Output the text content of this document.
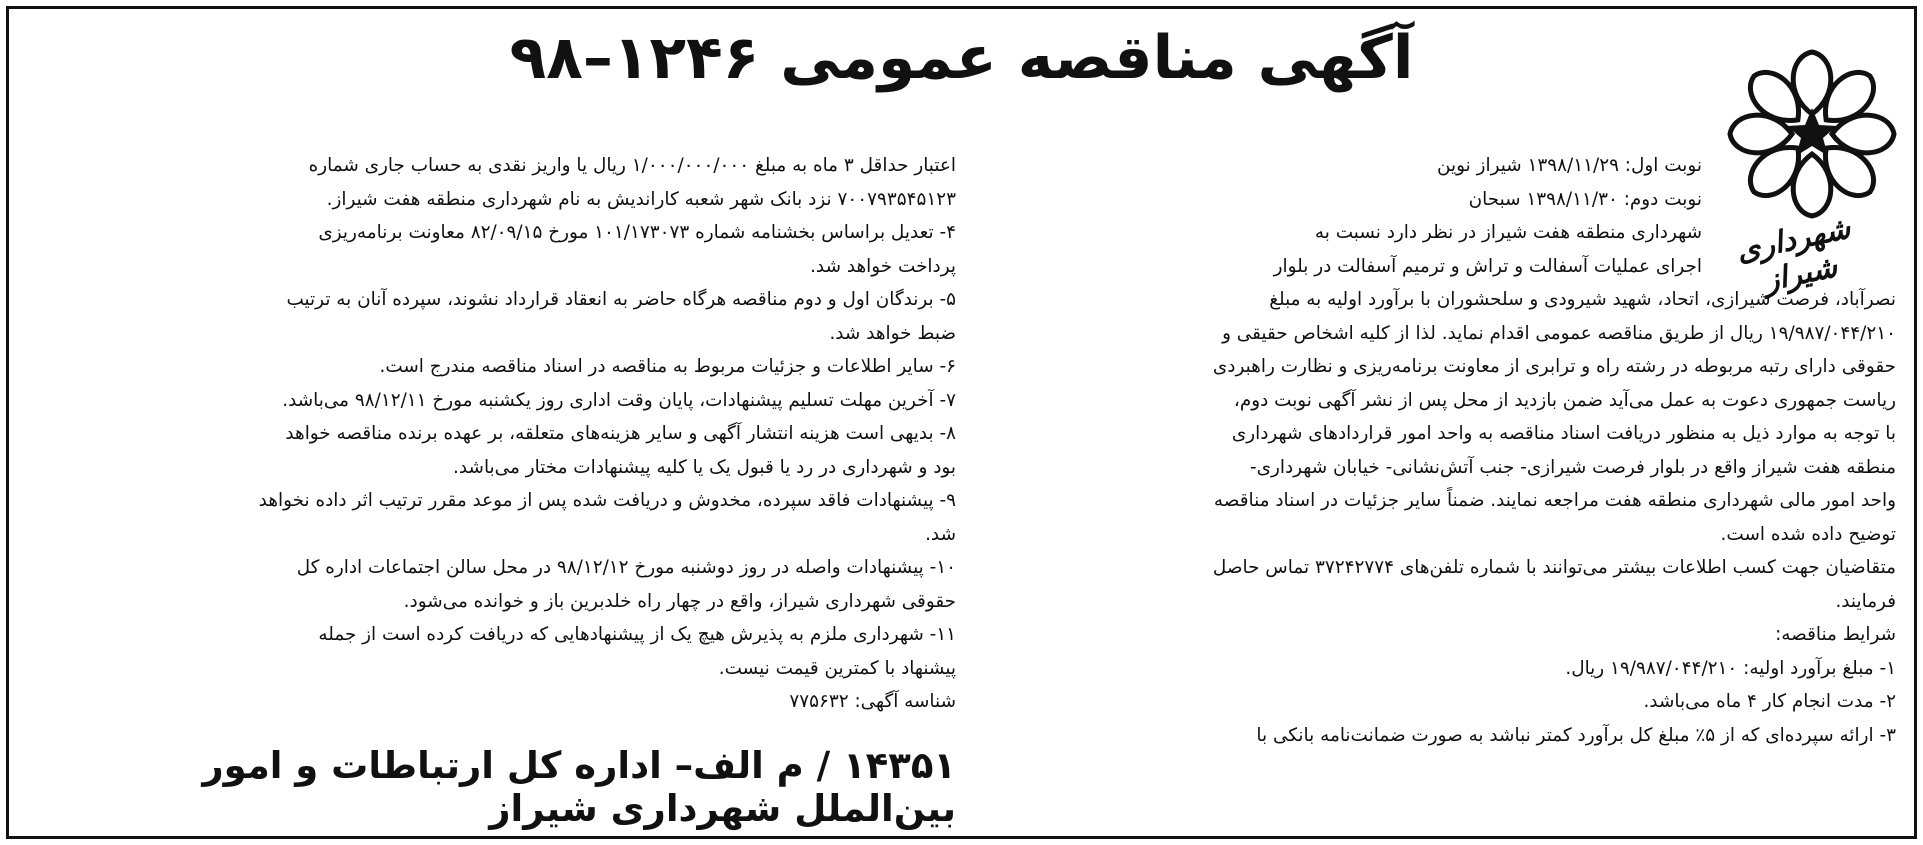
آگهی مناقصه عمومی ۱۲۴۶–۹۸
شهرداری شیراز
نوبت اول: ۱۳۹۸/۱۱/۲۹ شیراز نوین
نوبت دوم: ۱۳۹۸/۱۱/۳۰ سبحان
شهرداری منطقه هفت شیراز در نظر دارد نسبت به
اجرای عملیات آسفالت و تراش و ترمیم آسفالت در بلوار
نصرآباد، فرصت شیرازی، اتحاد، شهید شیرودی و سلحشوران با برآورد اولیه به مبلغ
۱۹/۹۸۷/۰۴۴/۲۱۰ ریال از طریق مناقصه عمومی اقدام نماید. لذا از کلیه اشخاص حقیقی و
حقوقی دارای رتبه مربوطه در رشته راه و ترابری از معاونت برنامه‌ریزی و نظارت راهبردی
ریاست جمهوری دعوت به عمل می‌آید ضمن بازدید از محل پس از نشر آگهی نوبت دوم،
با توجه به موارد ذیل به منظور دریافت اسناد مناقصه به واحد امور قراردادهای شهرداری
منطقه هفت شیراز واقع در بلوار فرصت شیرازی- جنب آتش‌نشانی- خیابان شهرداری-
واحد امور مالی شهرداری منطقه هفت مراجعه نمایند. ضمناً سایر جزئیات در اسناد مناقصه
توضیح داده شده است.
متقاضیان جهت کسب اطلاعات بیشتر می‌توانند با شماره تلفن‌های ۳۷۲۴۲۷۷۴ تماس حاصل
فرمایند.
شرایط مناقصه:
۱- مبلغ برآورد اولیه: ۱۹/۹۸۷/۰۴۴/۲۱۰ ریال.
۲- مدت انجام کار ۴ ماه می‌باشد.
۳- ارائه سپرده‌ای که از ۵٪ مبلغ کل برآورد کمتر نباشد به صورت ضمانت‌نامه بانکی با
اعتبار حداقل ۳ ماه به مبلغ ۱/۰۰۰/۰۰۰/۰۰۰ ریال یا واریز نقدی به حساب جاری شماره
۷۰۰۷۹۳۵۴۵۱۲۳ نزد بانک شهر شعبه کارانديش به نام شهرداری منطقه هفت شیراز.
۴- تعدیل براساس بخشنامه شماره ۱۰۱/۱۷۳۰۷۳ مورخ ۸۲/۰۹/۱۵ معاونت برنامه‌ریزی
پرداخت خواهد شد.
۵- برندگان اول و دوم مناقصه هرگاه حاضر به انعقاد قرارداد نشوند، سپرده آنان به ترتیب
ضبط خواهد شد.
۶- سایر اطلاعات و جزئیات مربوط به مناقصه در اسناد مناقصه مندرج است.
۷- آخرین مهلت تسلیم پیشنهادات، پایان وقت اداری روز یکشنبه مورخ ۹۸/۱۲/۱۱ می‌باشد.
۸- بدیهی است هزینه انتشار آگهی و سایر هزینه‌های متعلقه، بر عهده برنده مناقصه خواهد
بود و شهرداری در رد یا قبول یک یا کلیه پیشنهادات مختار می‌باشد.
۹- پیشنهادات فاقد سپرده، مخدوش و دریافت شده پس از موعد مقرر ترتیب اثر داده نخواهد
شد.
۱۰- پیشنهادات واصله در روز دوشنبه مورخ ۹۸/۱۲/۱۲ در محل سالن اجتماعات اداره کل
حقوقی شهرداری شیراز، واقع در چهار راه خلدبرین باز و خوانده می‌شود.
۱۱- شهرداری ملزم به پذیرش هیچ یک از پیشنهادهایی که دریافت کرده است از جمله
پیشنهاد با کمترین قیمت نیست.
شناسه آگهی: ۷۷۵۶۳۲
۱۴۳۵۱ / م الف– اداره کل ارتباطات و امور بین‌الملل شهرداری شیراز
